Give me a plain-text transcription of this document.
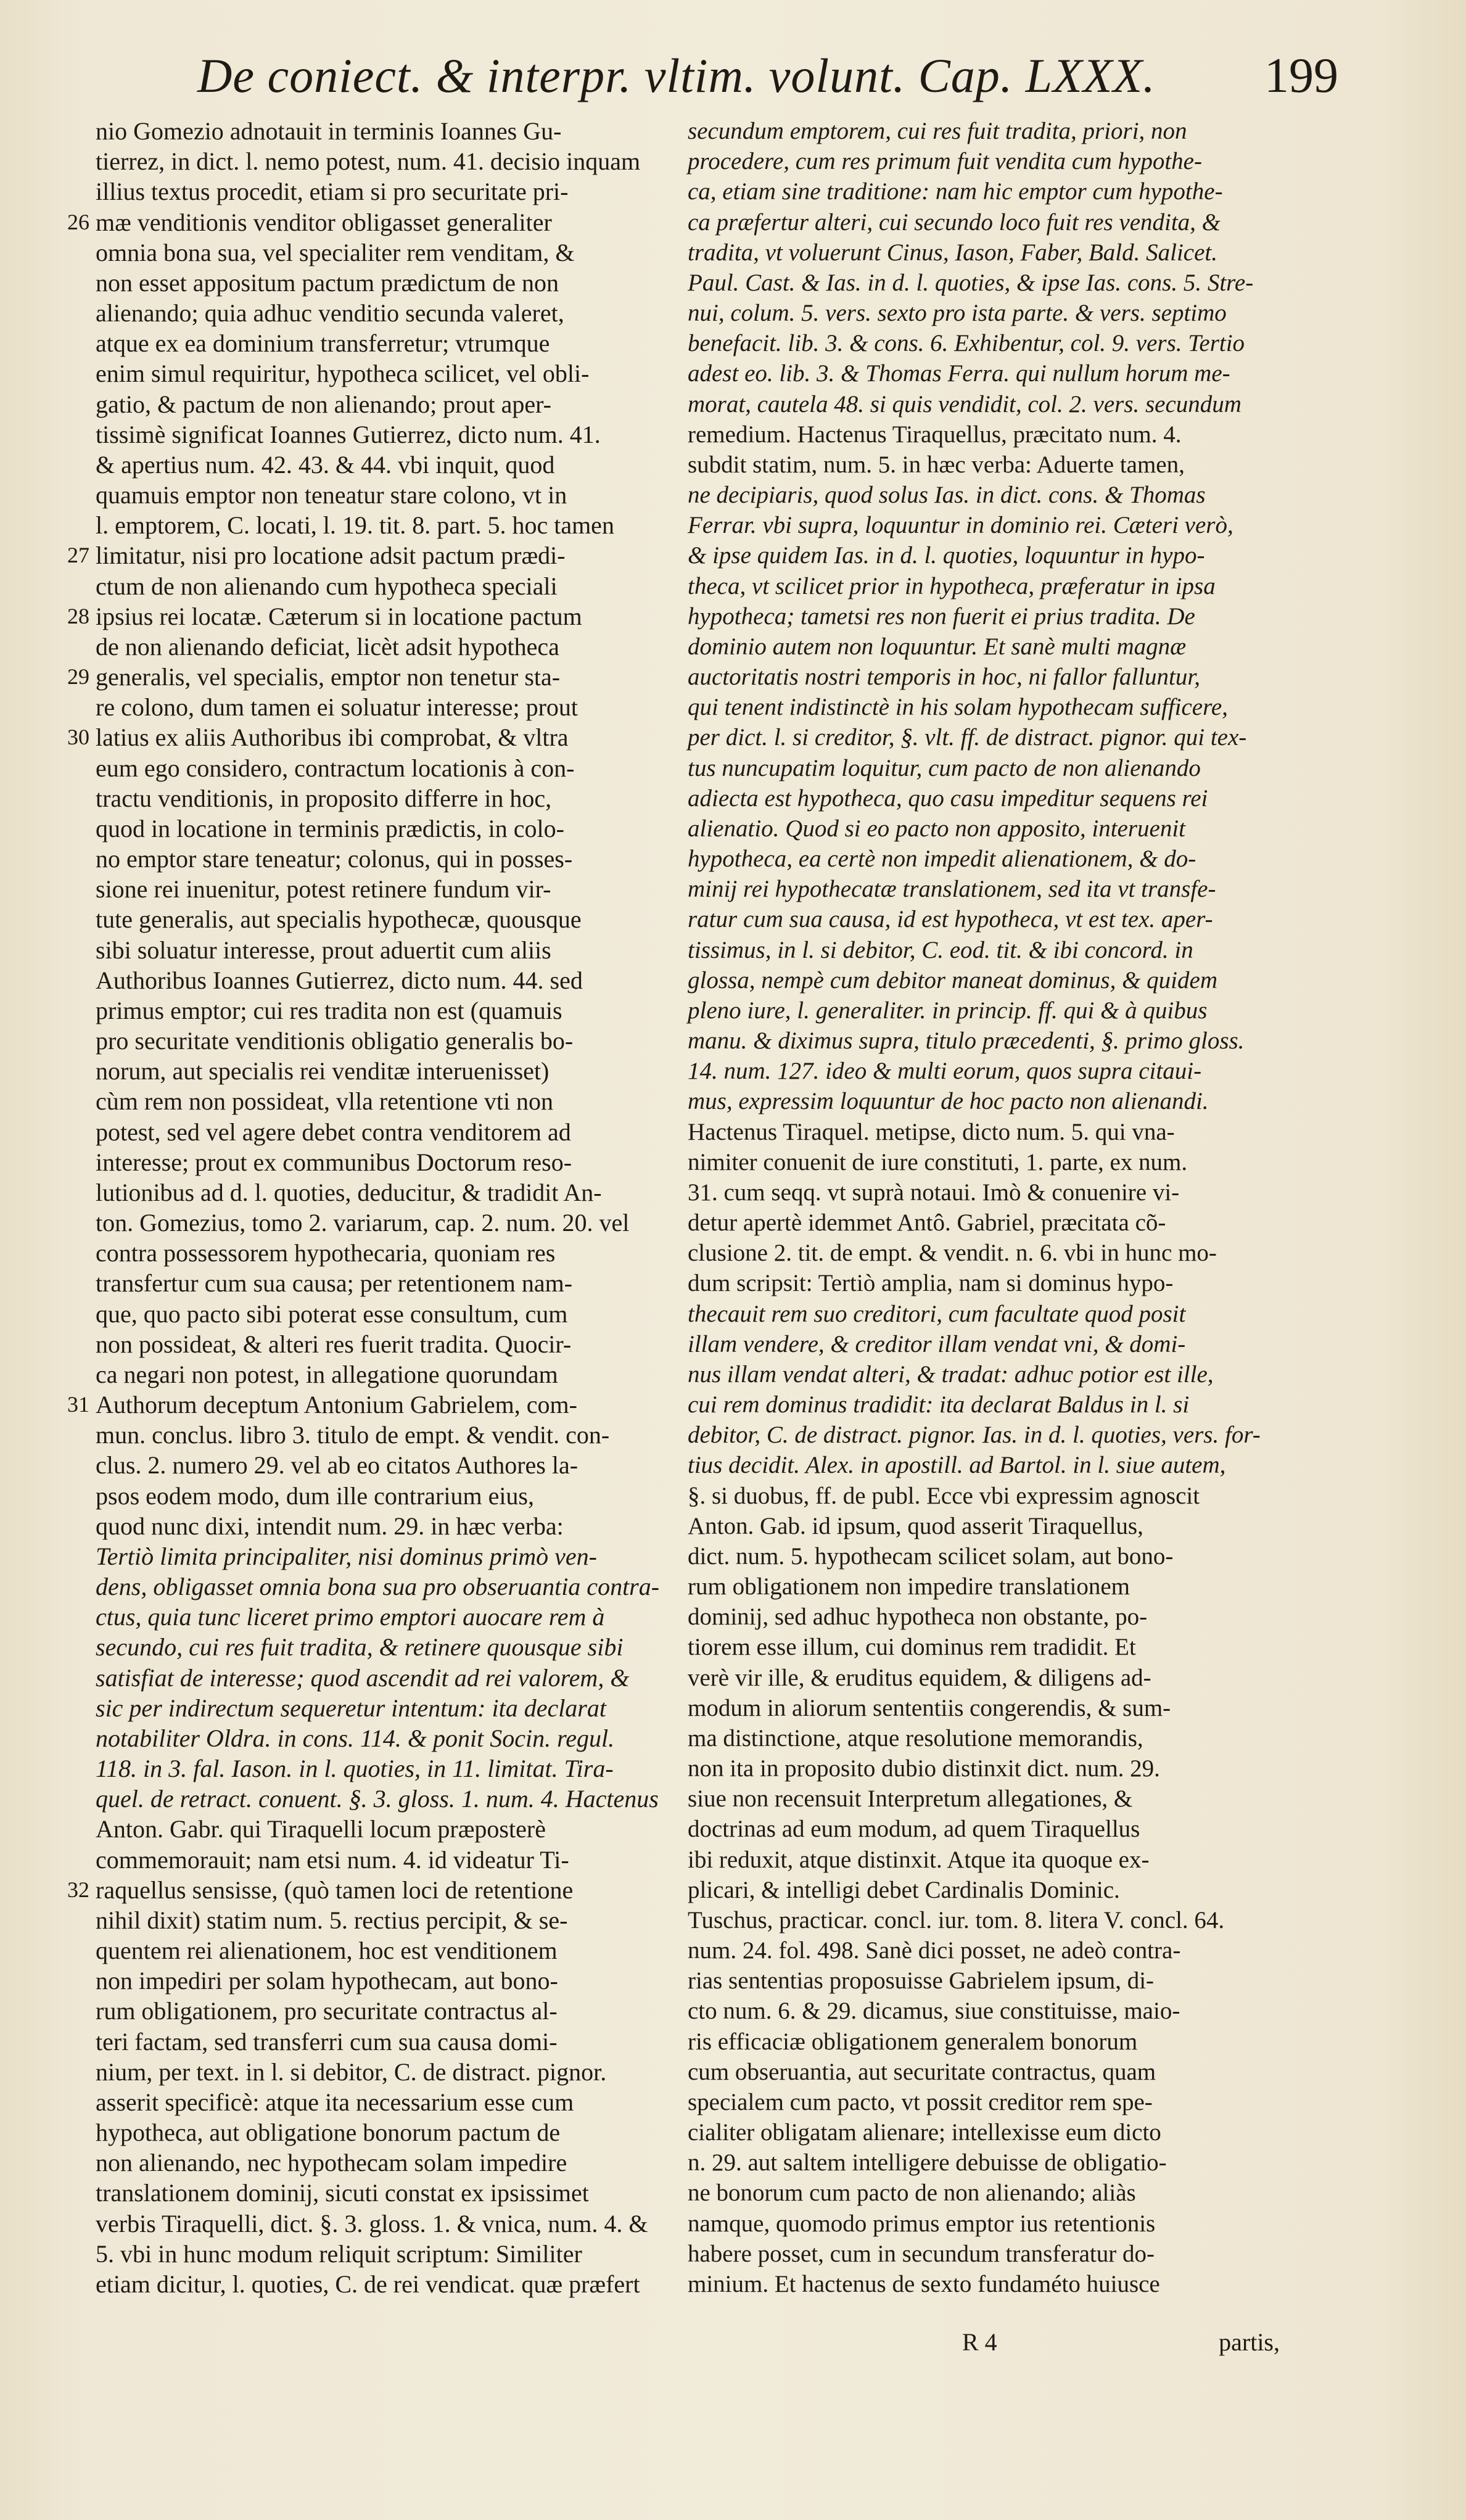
De coniect. & interpr. vltim. volunt. Cap. LXXX. 199
nio Gomezio adnotauit in terminis Ioannes Gu-
tierrez, in dict. l. nemo potest, num. 41. decisio inquam
illius textus procedit, etiam si pro securitate pri-
mæ venditionis venditor obligasset generaliter
26
omnia bona sua, vel specialiter rem venditam, &
non esset appositum pactum prædictum de non
alienando; quia adhuc venditio secunda valeret,
atque ex ea dominium transferretur; vtrumque
enim simul requiritur, hypotheca scilicet, vel obli-
gatio, & pactum de non alienando; prout aper-
tissimè significat Ioannes Gutierrez, dicto num. 41.
& apertius num. 42. 43. & 44. vbi inquit, quod
quamuis emptor non teneatur stare colono, vt in
l. emptorem, C. locati, l. 19. tit. 8. part. 5. hoc tamen
limitatur, nisi pro locatione adsit pactum prædi-
27
ctum de non alienando cum hypotheca speciali
ipsius rei locatæ. Cæterum si in locatione pactum
28
de non alienando deficiat, licèt adsit hypotheca
generalis, vel specialis, emptor non tenetur sta-
29
re colono, dum tamen ei soluatur interesse; prout
latius ex aliis Authoribus ibi comprobat, & vltra
30
eum ego considero, contractum locationis à con-
tractu venditionis, in proposito differre in hoc,
quod in locatione in terminis prædictis, in colo-
no emptor stare teneatur; colonus, qui in posses-
sione rei inuenitur, potest retinere fundum vir-
tute generalis, aut specialis hypothecæ, quousque
sibi soluatur interesse, prout aduertit cum aliis
Authoribus Ioannes Gutierrez, dicto num. 44. sed
primus emptor; cui res tradita non est (quamuis
pro securitate venditionis obligatio generalis bo-
norum, aut specialis rei venditæ interuenisset)
cùm rem non possideat, vlla retentione vti non
potest, sed vel agere debet contra venditorem ad
interesse; prout ex communibus Doctorum reso-
lutionibus ad d. l. quoties, deducitur, & tradidit An-
ton. Gomezius, tomo 2. variarum, cap. 2. num. 20. vel
contra possessorem hypothecaria, quoniam res
transfertur cum sua causa; per retentionem nam-
que, quo pacto sibi poterat esse consultum, cum
non possideat, & alteri res fuerit tradita. Quocir-
ca negari non potest, in allegatione quorundam
Authorum deceptum Antonium Gabrielem, com-
31
mun. conclus. libro 3. titulo de empt. & vendit. con-
clus. 2. numero 29. vel ab eo citatos Authores la-
psos eodem modo, dum ille contrarium eius,
quod nunc dixi, intendit num. 29. in hæc verba:
Tertiò limita principaliter, nisi dominus primò ven-
dens, obligasset omnia bona sua pro obseruantia contra-
ctus, quia tunc liceret primo emptori auocare rem à
secundo, cui res fuit tradita, & retinere quousque sibi
satisfiat de interesse; quod ascendit ad rei valorem, &
sic per indirectum sequeretur intentum: ita declarat
notabiliter Oldra. in cons. 114. & ponit Socin. regul.
118. in 3. fal. Iason. in l. quoties, in 11. limitat. Tira-
quel. de retract. conuent. §. 3. gloss. 1. num. 4. Hactenus
Anton. Gabr. qui Tiraquelli locum præposterè
commemorauit; nam etsi num. 4. id videatur Ti-
raquellus sensisse, (quò tamen loci de retentione
32
nihil dixit) statim num. 5. rectius percipit, & se-
quentem rei alienationem, hoc est venditionem
non impediri per solam hypothecam, aut bono-
rum obligationem, pro securitate contractus al-
teri factam, sed transferri cum sua causa domi-
nium, per text. in l. si debitor, C. de distract. pignor.
asserit specificè: atque ita necessarium esse cum
hypotheca, aut obligatione bonorum pactum de
non alienando, nec hypothecam solam impedire
translationem dominij, sicuti constat ex ipsissimet
verbis Tiraquelli, dict. §. 3. gloss. 1. & vnica, num. 4. &
5. vbi in hunc modum reliquit scriptum: Similiter
etiam dicitur, l. quoties, C. de rei vendicat. quæ præfert
secundum emptorem, cui res fuit tradita, priori, non
procedere, cum res primum fuit vendita cum hypothe-
ca, etiam sine traditione: nam hic emptor cum hypothe-
ca præfertur alteri, cui secundo loco fuit res vendita, &
tradita, vt voluerunt Cinus, Iason, Faber, Bald. Salicet.
Paul. Cast. & Ias. in d. l. quoties, & ipse Ias. cons. 5. Stre-
nui, colum. 5. vers. sexto pro ista parte. & vers. septimo
benefacit. lib. 3. & cons. 6. Exhibentur, col. 9. vers. Tertio
adest eo. lib. 3. & Thomas Ferra. qui nullum horum me-
morat, cautela 48. si quis vendidit, col. 2. vers. secundum
remedium. Hactenus Tiraquellus, præcitato num. 4.
subdit statim, num. 5. in hæc verba: Aduerte tamen,
ne decipiaris, quod solus Ias. in dict. cons. & Thomas
Ferrar. vbi supra, loquuntur in dominio rei. Cæteri verò,
& ipse quidem Ias. in d. l. quoties, loquuntur in hypo-
theca, vt scilicet prior in hypotheca, præferatur in ipsa
hypotheca; tametsi res non fuerit ei prius tradita. De
dominio autem non loquuntur. Et sanè multi magnæ
auctoritatis nostri temporis in hoc, ni fallor falluntur,
qui tenent indistinctè in his solam hypothecam sufficere,
per dict. l. si creditor, §. vlt. ff. de distract. pignor. qui tex-
tus nuncupatim loquitur, cum pacto de non alienando
adiecta est hypotheca, quo casu impeditur sequens rei
alienatio. Quod si eo pacto non apposito, interuenit
hypotheca, ea certè non impedit alienationem, & do-
minij rei hypothecatæ translationem, sed ita vt transfe-
ratur cum sua causa, id est hypotheca, vt est tex. aper-
tissimus, in l. si debitor, C. eod. tit. & ibi concord. in
glossa, nempè cum debitor maneat dominus, & quidem
pleno iure, l. generaliter. in princip. ff. qui & à quibus
manu. & diximus supra, titulo præcedenti, §. primo gloss.
14. num. 127. ideo & multi eorum, quos supra citaui-
mus, expressim loquuntur de hoc pacto non alienandi.
Hactenus Tiraquel. metipse, dicto num. 5. qui vna-
nimiter conuenit de iure constituti, 1. parte, ex num.
31. cum seqq. vt suprà notaui. Imò & conuenire vi-
detur apertè idemmet Antô. Gabriel, præcitata cõ-
clusione 2. tit. de empt. & vendit. n. 6. vbi in hunc mo-
dum scripsit: Tertiò amplia, nam si dominus hypo-
thecauit rem suo creditori, cum facultate quod posit
illam vendere, & creditor illam vendat vni, & domi-
nus illam vendat alteri, & tradat: adhuc potior est ille,
cui rem dominus tradidit: ita declarat Baldus in l. si
debitor, C. de distract. pignor. Ias. in d. l. quoties, vers. for-
tius decidit. Alex. in apostill. ad Bartol. in l. siue autem,
§. si duobus, ff. de publ. Ecce vbi expressim agnoscit
Anton. Gab. id ipsum, quod asserit Tiraquellus,
dict. num. 5. hypothecam scilicet solam, aut bono-
rum obligationem non impedire translationem
dominij, sed adhuc hypotheca non obstante, po-
tiorem esse illum, cui dominus rem tradidit. Et
verè vir ille, & eruditus equidem, & diligens ad-
modum in aliorum sententiis congerendis, & sum-
ma distinctione, atque resolutione memorandis,
non ita in proposito dubio distinxit dict. num. 29.
siue non recensuit Interpretum allegationes, &
doctrinas ad eum modum, ad quem Tiraquellus
ibi reduxit, atque distinxit. Atque ita quoque ex-
plicari, & intelligi debet Cardinalis Dominic.
Tuschus, practicar. concl. iur. tom. 8. litera V. concl. 64.
num. 24. fol. 498. Sanè dici posset, ne adeò contra-
rias sententias proposuisse Gabrielem ipsum, di-
cto num. 6. & 29. dicamus, siue constituisse, maio-
ris efficaciæ obligationem generalem bonorum
cum obseruantia, aut securitate contractus, quam
specialem cum pacto, vt possit creditor rem spe-
cialiter obligatam alienare; intellexisse eum dicto
n. 29. aut saltem intelligere debuisse de obligatio-
ne bonorum cum pacto de non alienando; aliàs
namque, quomodo primus emptor ius retentionis
habere posset, cum in secundum transferatur do-
minium. Et hactenus de sexto fundaméto huiusce
R 4	partis,
